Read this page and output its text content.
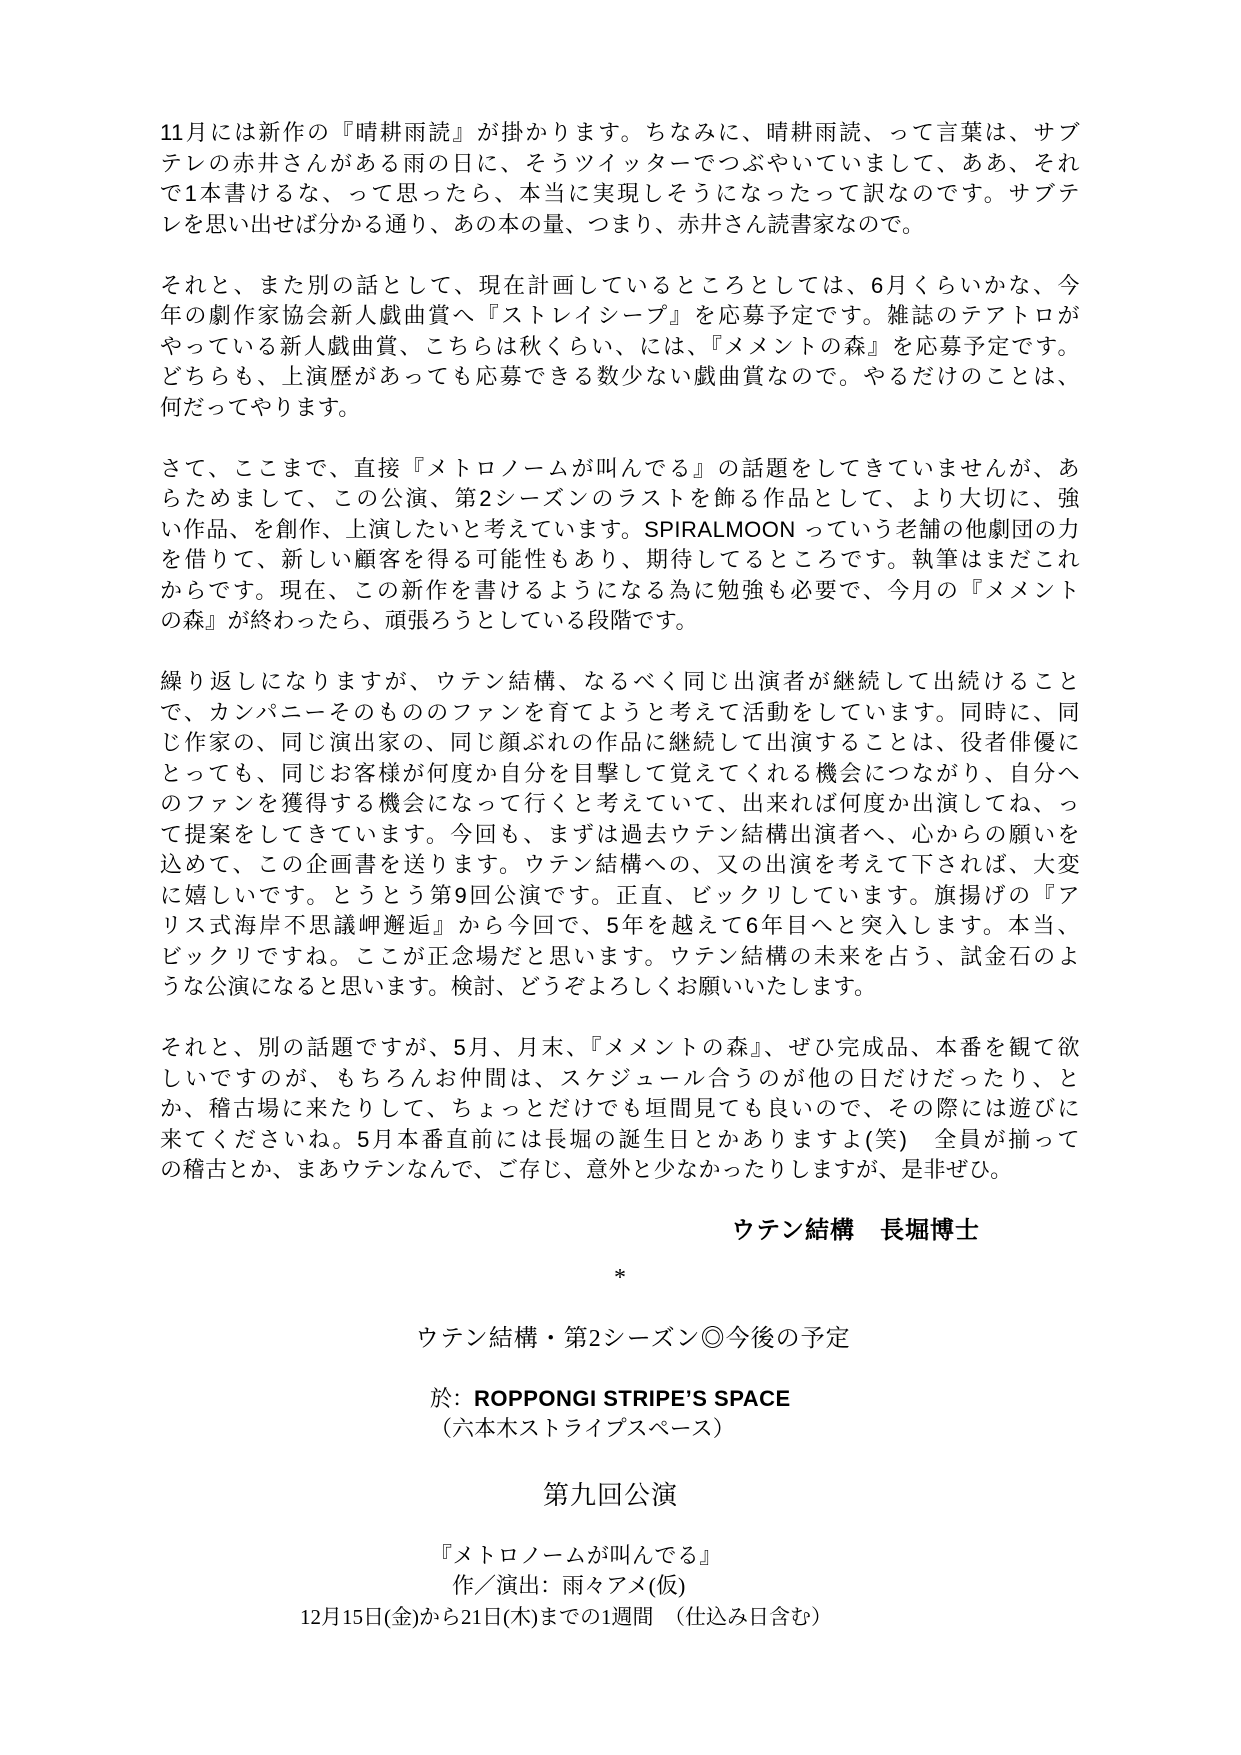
11月には新作の『晴耕雨読』が掛かります。ちなみに、晴耕雨読、って言葉は、サブ
テレの赤井さんがある雨の日に、そうツイッターでつぶやいていまして、ああ、それ
で1本書けるな、って思ったら、本当に実現しそうになったって訳なのです。サブテ
レを思い出せば分かる通り、あの本の量、つまり、赤井さん読書家なので。
それと、また別の話として、現在計画しているところとしては、6月くらいかな、今
年の劇作家協会新人戯曲賞へ『ストレイシープ』を応募予定です。雑誌のテアトロが
やっている新人戯曲賞、こちらは秋くらい、には、『メメントの森』を応募予定です。
どちらも、上演歴があっても応募できる数少ない戯曲賞なので。やるだけのことは、
何だってやります。
さて、ここまで、直接『メトロノームが叫んでる』の話題をしてきていませんが、あ
らためまして、この公演、第2シーズンのラストを飾る作品として、より大切に、強
い作品、を創作、上演したいと考えています。SPIRALMOON っていう老舗の他劇団の力
を借りて、新しい顧客を得る可能性もあり、期待してるところです。執筆はまだこれ
からです。現在、この新作を書けるようになる為に勉強も必要で、今月の『メメント
の森』が終わったら、頑張ろうとしている段階です。
繰り返しになりますが、ウテン結構、なるべく同じ出演者が継続して出続けること
で、カンパニーそのもののファンを育てようと考えて活動をしています。同時に、同
じ作家の、同じ演出家の、同じ顔ぶれの作品に継続して出演することは、役者俳優に
とっても、同じお客様が何度か自分を目撃して覚えてくれる機会につながり、自分へ
のファンを獲得する機会になって行くと考えていて、出来れば何度か出演してね、っ
て提案をしてきています。今回も、まずは過去ウテン結構出演者へ、心からの願いを
込めて、この企画書を送ります。ウテン結構への、又の出演を考えて下されば、大変
に嬉しいです。とうとう第9回公演です。正直、ビックリしています。旗揚げの『ア
リス式海岸不思議岬邂逅』から今回で、5年を越えて6年目へと突入します。本当、
ビックリですね。ここが正念場だと思います。ウテン結構の未来を占う、試金石のよ
うな公演になると思います。検討、どうぞよろしくお願いいたします。
それと、別の話題ですが、5月、月末、『メメントの森』、ぜひ完成品、本番を観て欲
しいですのが、もちろんお仲間は、スケジュール合うのが他の日だけだったり、と
か、稽古場に来たりして、ちょっとだけでも垣間見ても良いので、その際には遊びに
来てくださいね。5月本番直前には長堀の誕生日とかありますよ(笑)　全員が揃って
の稽古とか、まあウテンなんで、ご存じ、意外と少なかったりしますが、是非ぜひ。
ウテン結構　長堀博士
*
ウテン結構・第2シーズン◎今後の予定
於：ROPPONGI STRIPE’S SPACE
（六本木ストライプスペース）
第九回公演
『メトロノームが叫んでる』
作／演出：雨々アメ(仮)
12月15日(金)から21日(木)までの1週間　（仕込み日含む）
